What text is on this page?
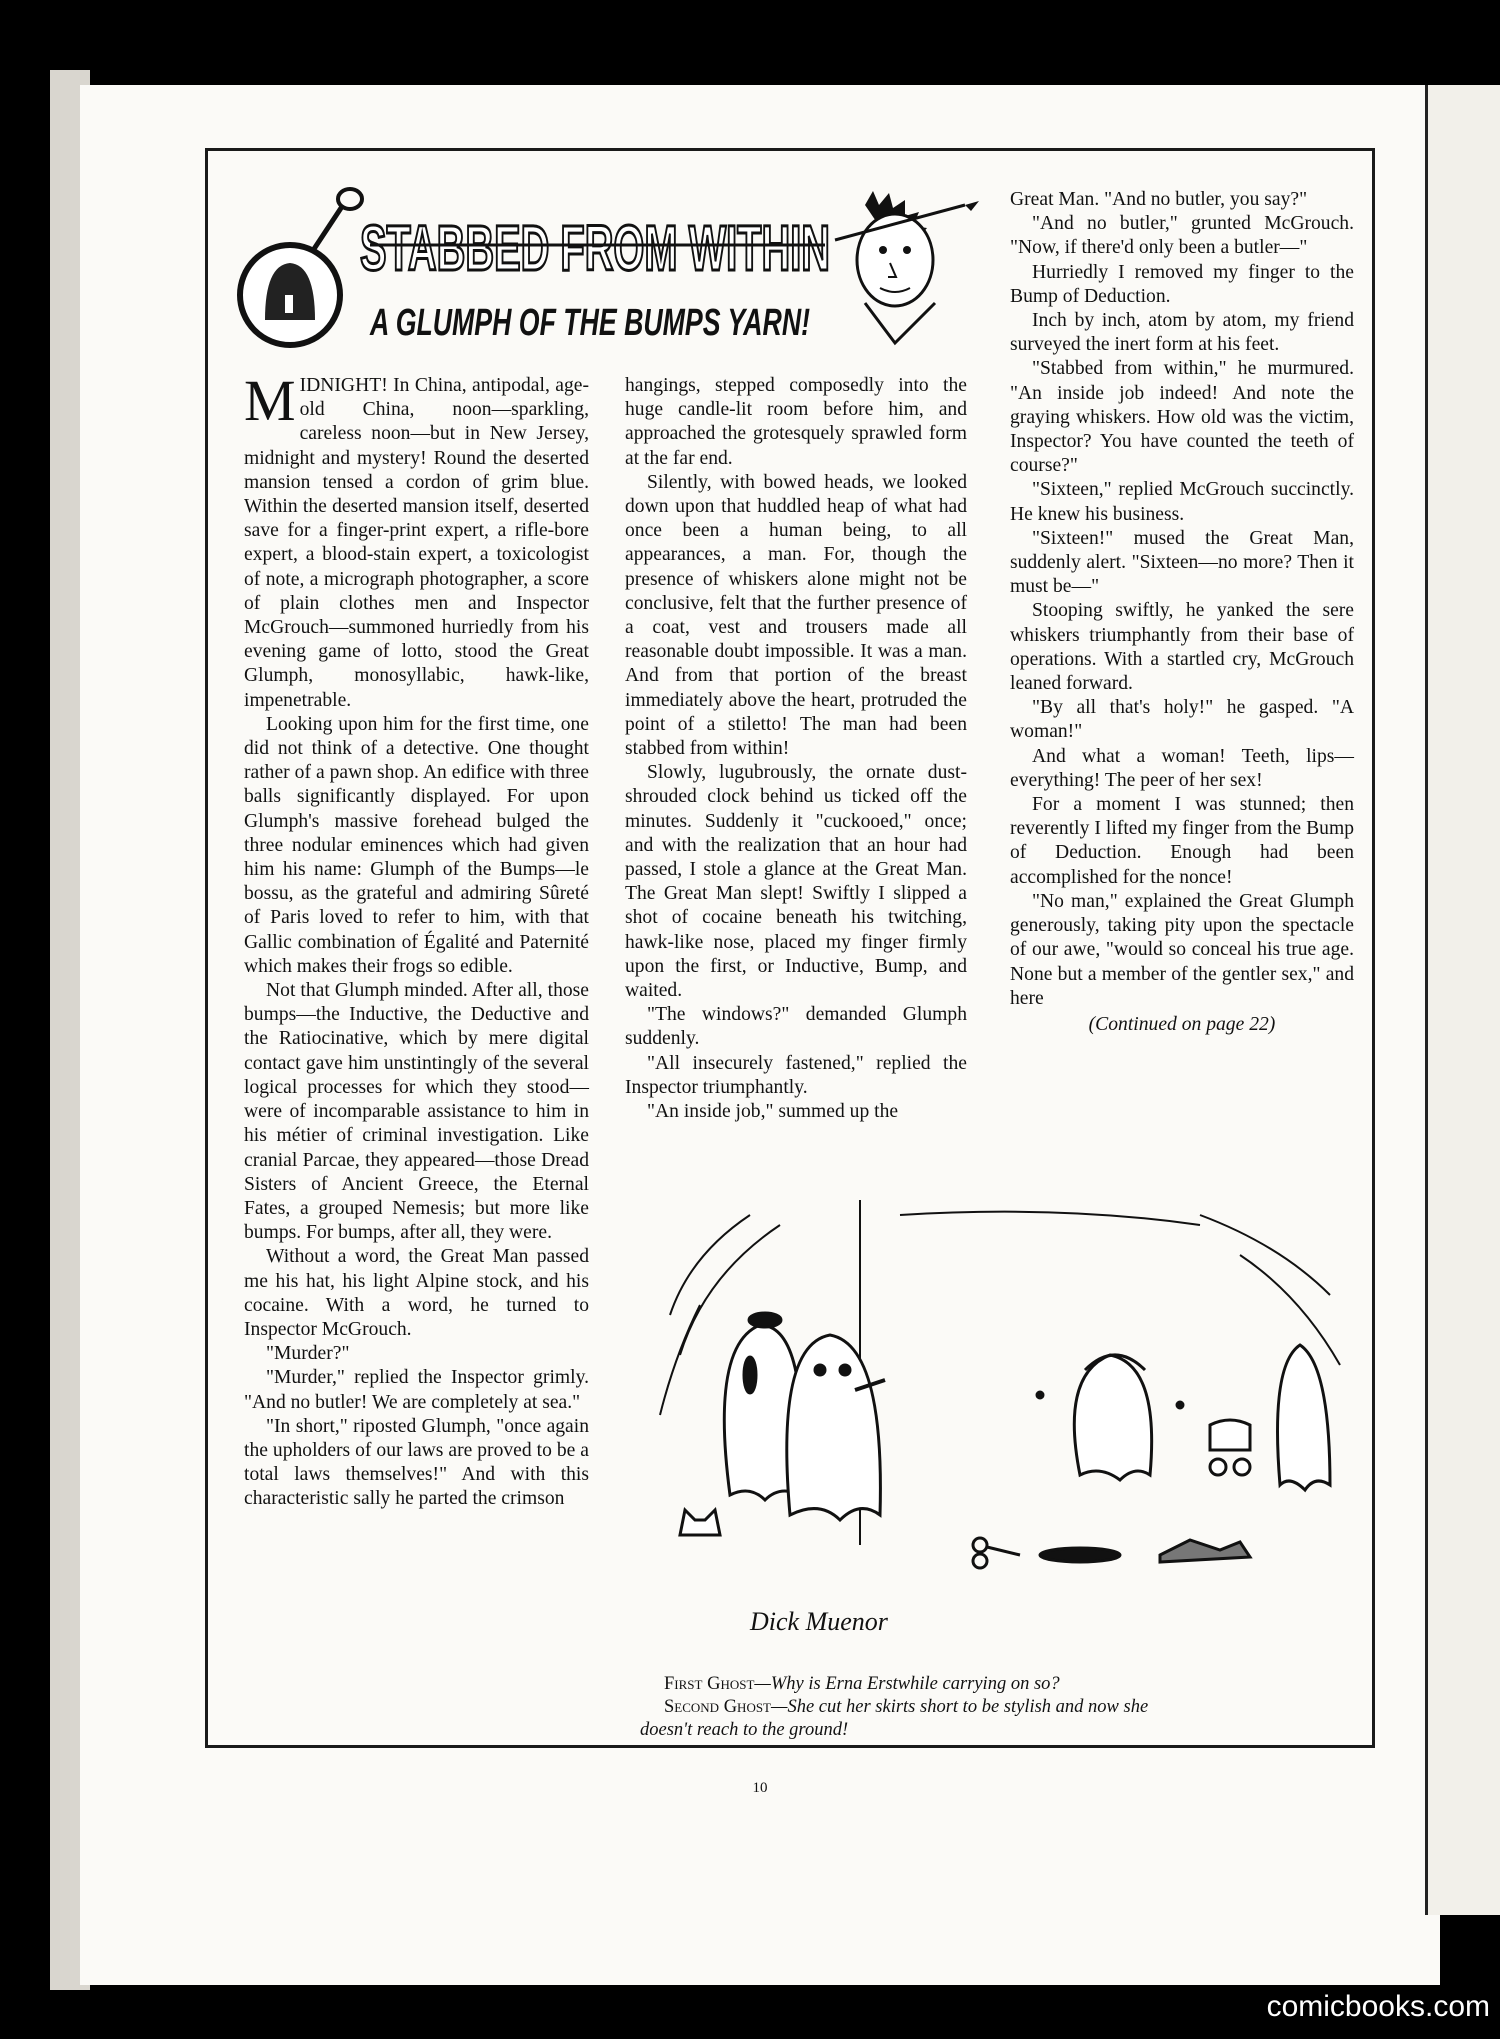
STABBED FROM WITHIN
A GLUMPH OF THE BUMPS YARN!

MIDNIGHT! In China, antipodal, age-old China, noon—sparkling, careless noon—but in New Jersey, midnight and mystery! Round the deserted mansion tensed a cordon of grim blue. Within the deserted mansion itself, deserted save for a finger-print expert, a rifle-bore expert, a blood-stain expert, a toxicologist of note, a micrograph photographer, a score of plain clothes men and Inspector McGrouch—summoned hurriedly from his evening game of lotto, stood the Great Glumph, monosyllabic, hawk-like, impenetrable.

Looking upon him for the first time, one did not think of a detective. One thought rather of a pawn shop. An edifice with three balls significantly displayed. For upon Glumph's massive forehead bulged the three nodular eminences which had given him his name: Glumph of the Bumps—le bossu, as the grateful and admiring Sûreté of Paris loved to refer to him, with that Gallic combination of Égalité and Paternité which makes their frogs so edible.

Not that Glumph minded. After all, those bumps—the Inductive, the Deductive and the Ratiocinative, which by mere digital contact gave him unstintingly of the several logical processes for which they stood—were of incomparable assistance to him in his métier of criminal investigation. Like cranial Parcae, they appeared—those Dread Sisters of Ancient Greece, the Eternal Fates, a grouped Nemesis; but more like bumps. For bumps, after all, they were.

Without a word, the Great Man passed me his hat, his light Alpine stock, and his cocaine. With a word, he turned to Inspector McGrouch.

"Murder?"

"Murder," replied the Inspector grimly. "And no butler! We are completely at sea."

"In short," riposted Glumph, "once again the upholders of our laws are proved to be a total laws themselves!" And with this characteristic sally he parted the crimson

hangings, stepped composedly into the huge candle-lit room before him, and approached the grotesquely sprawled form at the far end.

Silently, with bowed heads, we looked down upon that huddled heap of what had once been a human being, to all appearances, a man. For, though the presence of whiskers alone might not be conclusive, felt that the further presence of a coat, vest and trousers made all reasonable doubt impossible. It was a man. And from that portion of the breast immediately above the heart, protruded the point of a stiletto! The man had been stabbed from within!

Slowly, lugubrously, the ornate dust-shrouded clock behind us ticked off the minutes. Suddenly it "cuckooed," once; and with the realization that an hour had passed, I stole a glance at the Great Man. The Great Man slept! Swiftly I slipped a shot of cocaine beneath his twitching, hawk-like nose, placed my finger firmly upon the first, or Inductive, Bump, and waited.

"The windows?" demanded Glumph suddenly.

"All insecurely fastened," replied the Inspector triumphantly.

"An inside job," summed up the

Great Man. "And no butler, you say?"

"And no butler," grunted McGrouch. "Now, if there'd only been a butler—"

Hurriedly I removed my finger to the Bump of Deduction.

Inch by inch, atom by atom, my friend surveyed the inert form at his feet.

"Stabbed from within," he murmured. "An inside job indeed! And note the graying whiskers. How old was the victim, Inspector? You have counted the teeth of course?"

"Sixteen," replied McGrouch succinctly. He knew his business.

"Sixteen!" mused the Great Man, suddenly alert. "Sixteen—no more? Then it must be—"

Stooping swiftly, he yanked the sere whiskers triumphantly from their base of operations. With a startled cry, McGrouch leaned forward.

"By all that's holy!" he gasped. "A woman!"

And what a woman! Teeth, lips—everything! The peer of her sex!

For a moment I was stunned; then reverently I lifted my finger from the Bump of Deduction. Enough had been accomplished for the nonce!

"No man," explained the Great Glumph generously, taking pity upon the spectacle of our awe, "would so conceal his true age. None but a member of the gentler sex," and here

(Continued on page 22)

Dick Muenor

First Ghost—Why is Erna Erstwhile carrying on so?

Second Ghost—She cut her skirts short to be stylish and now she

doesn't reach to the ground!

10
comicbooks.com
